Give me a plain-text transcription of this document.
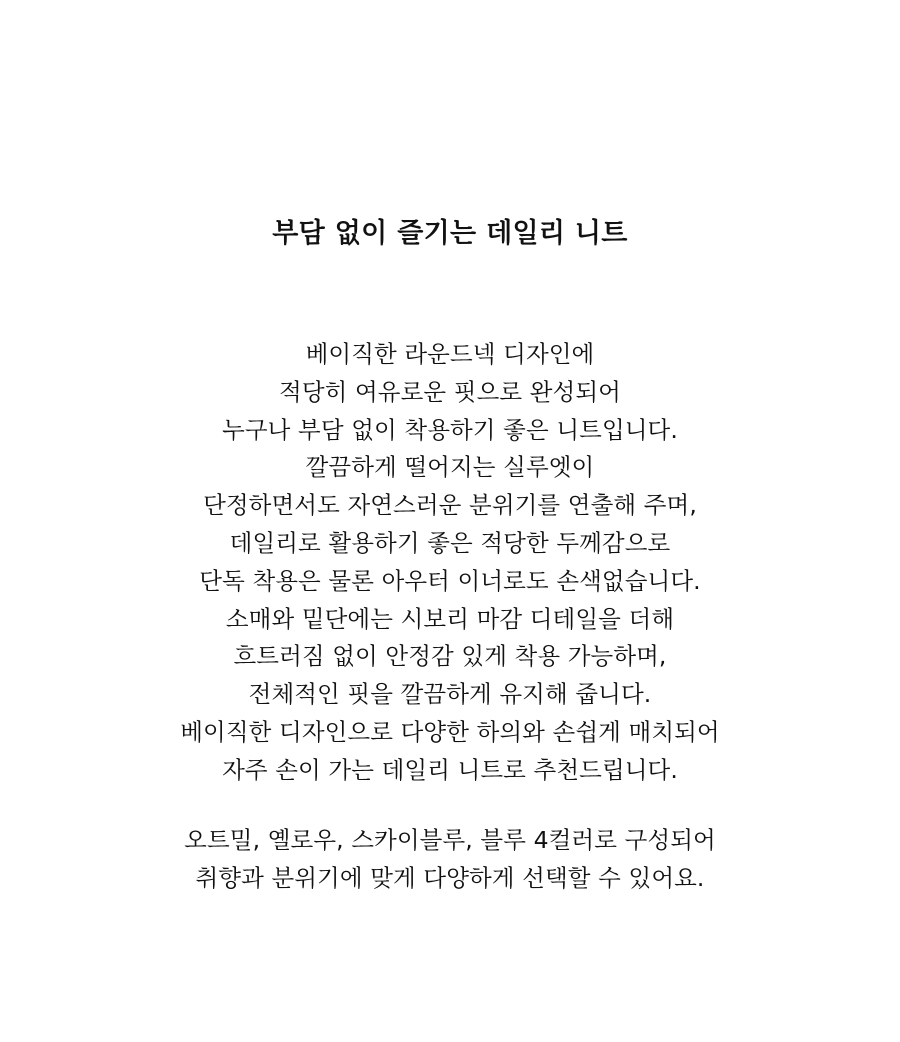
부담 없이 즐기는 데일리 니트
베이직한 라운드넥 디자인에
적당히 여유로운 핏으로 완성되어
누구나 부담 없이 착용하기 좋은 니트입니다.
깔끔하게 떨어지는 실루엣이
단정하면서도 자연스러운 분위기를 연출해 주며,
데일리로 활용하기 좋은 적당한 두께감으로
단독 착용은 물론 아우터 이너로도 손색없습니다.
소매와 밑단에는 시보리 마감 디테일을 더해
흐트러짐 없이 안정감 있게 착용 가능하며,
전체적인 핏을 깔끔하게 유지해 줍니다.
베이직한 디자인으로 다양한 하의와 손쉽게 매치되어
자주 손이 가는 데일리 니트로 추천드립니다.
오트밀, 옐로우, 스카이블루, 블루 4컬러로 구성되어
취향과 분위기에 맞게 다양하게 선택할 수 있어요.
